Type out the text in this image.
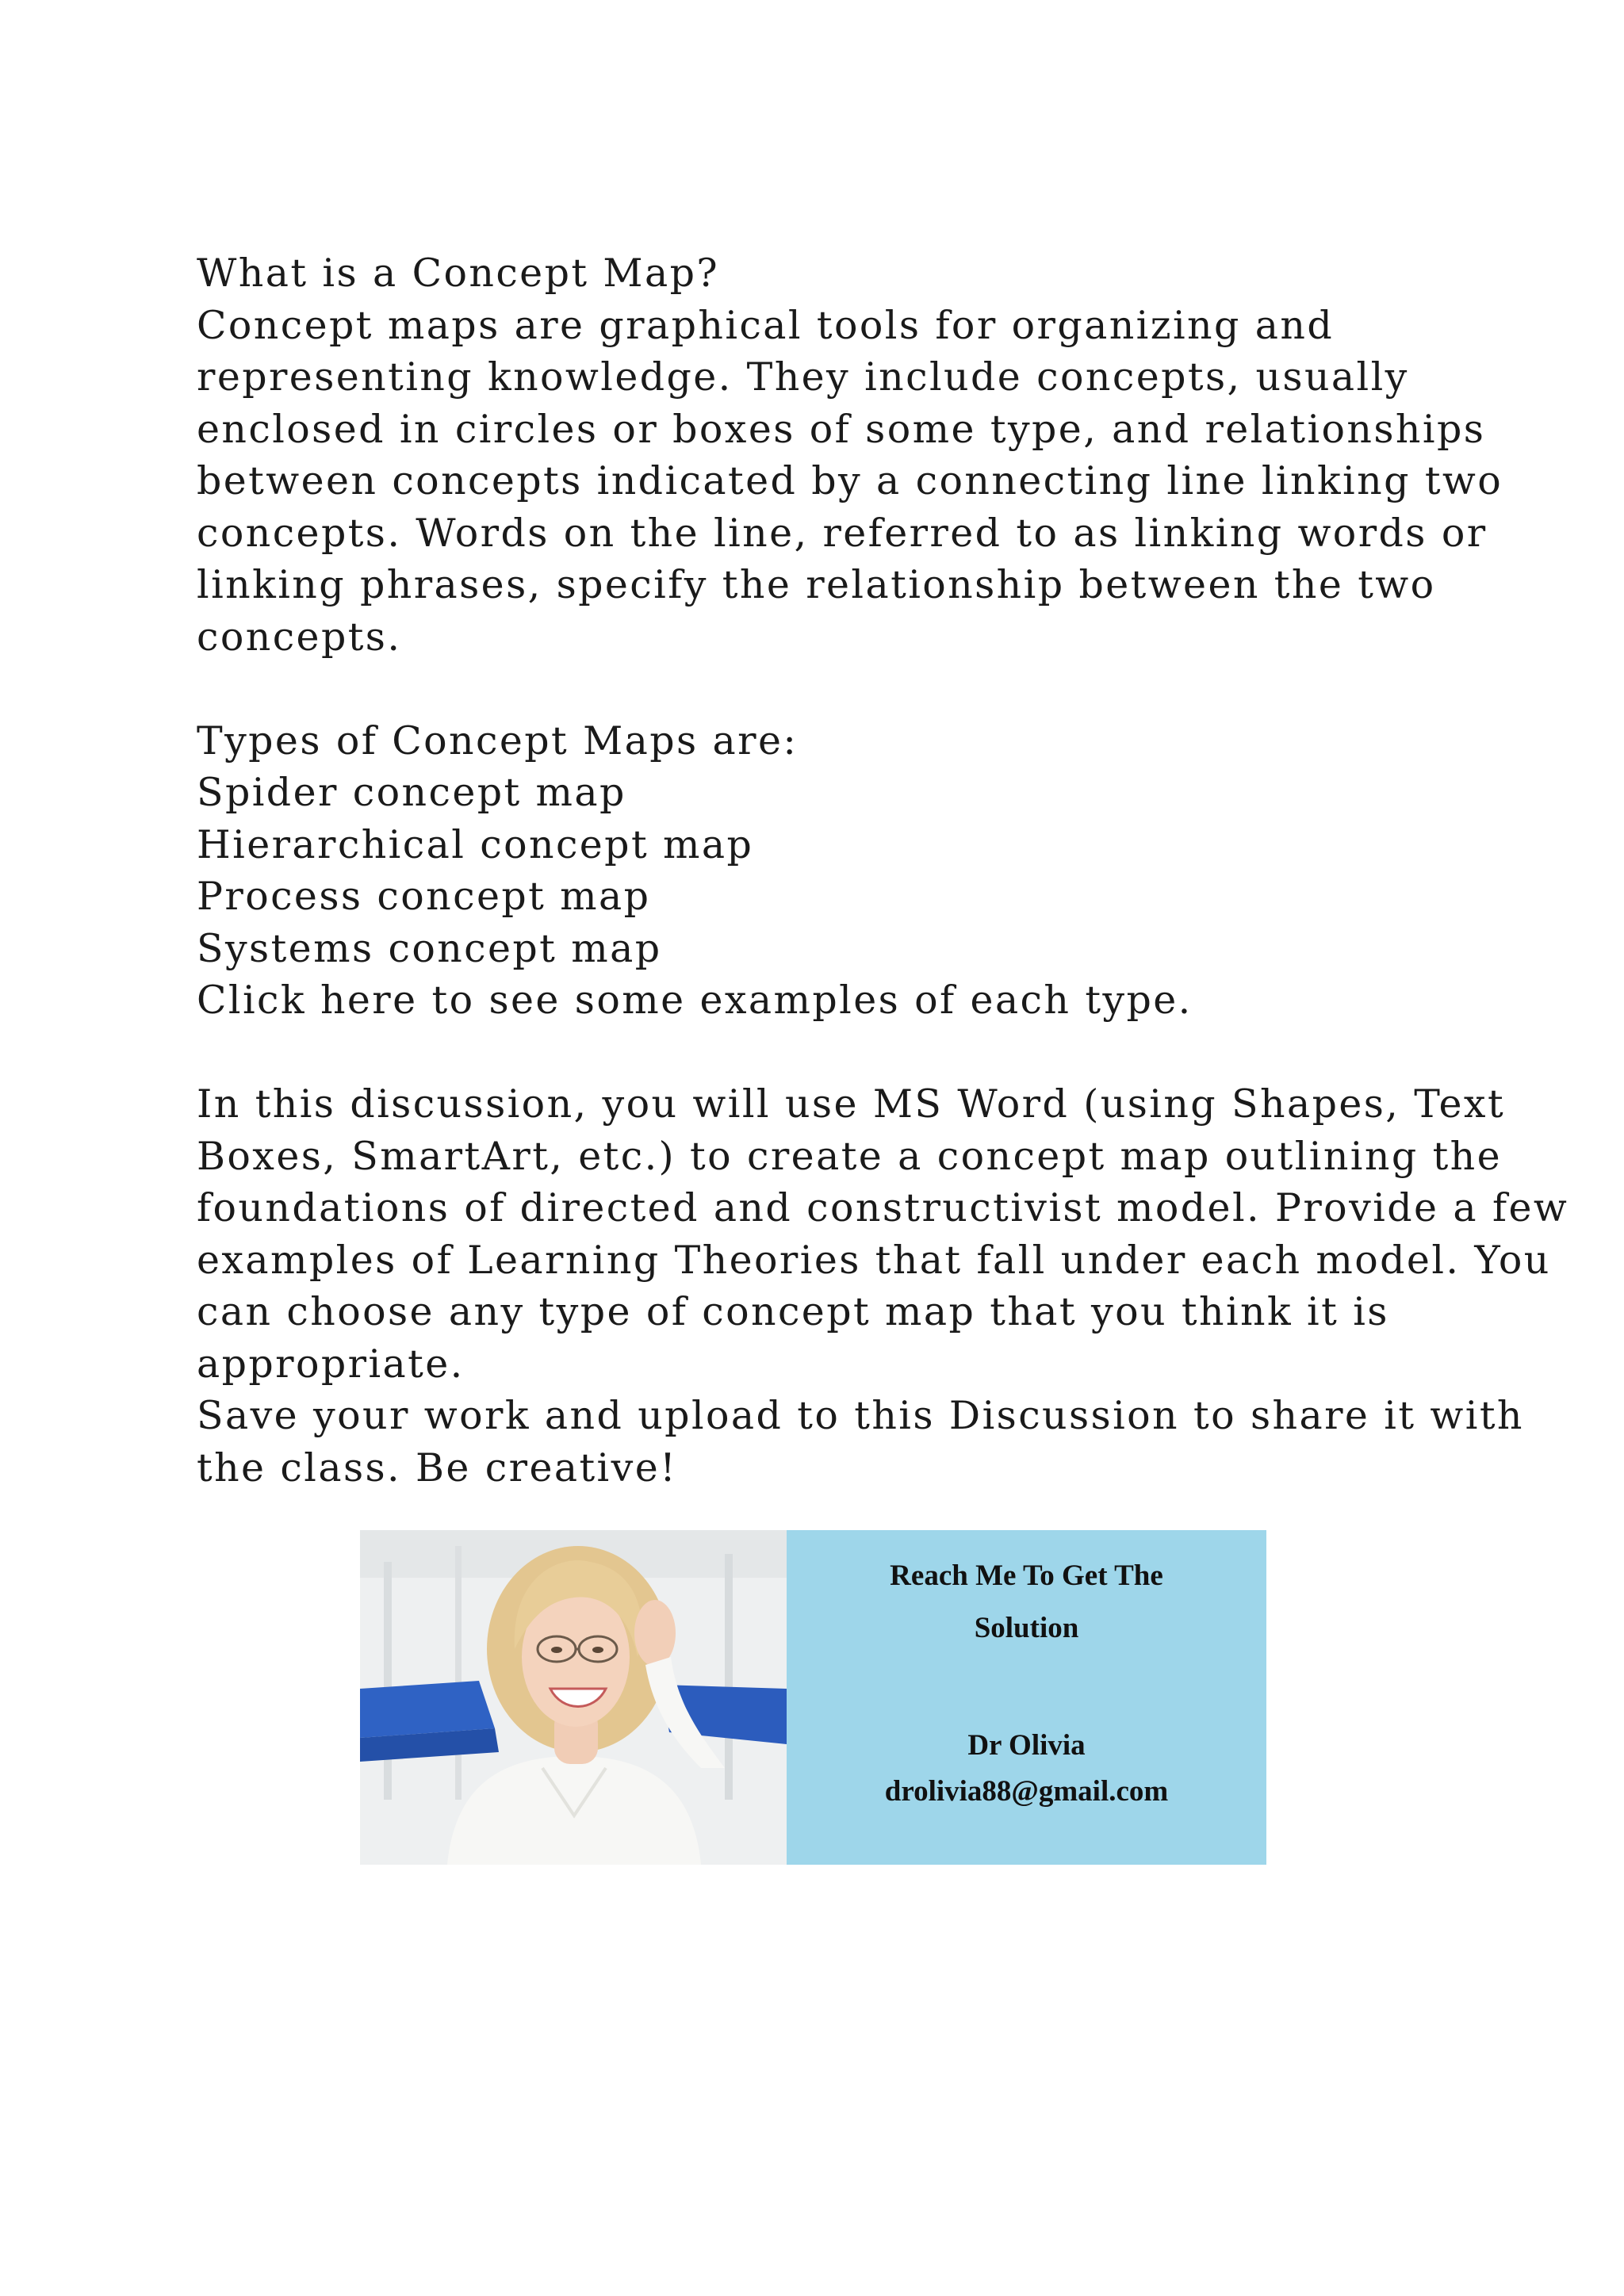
What is a Concept Map?
Concept maps are graphical tools for organizing and
representing knowledge. They include concepts, usually
enclosed in circles or boxes of some type, and relationships
between concepts indicated by a connecting line linking two
concepts. Words on the line, referred to as linking words or
linking phrases, specify the relationship between the two
concepts.
Types of Concept Maps are:
Spider concept map
Hierarchical concept map
Process concept map
Systems concept map
Click here to see some examples of each type.
In this discussion, you will use MS Word (using Shapes, Text
Boxes, SmartArt, etc.) to create a concept map outlining the
foundations of directed and constructivist model. Provide a few
examples of Learning Theories that fall under each model. You
can choose any type of concept map that you think it is
appropriate.
Save your work and upload to this Discussion to share it with
the class. Be creative!
Reach Me To Get The
Solution
Dr Olivia
drolivia88@gmail.com
